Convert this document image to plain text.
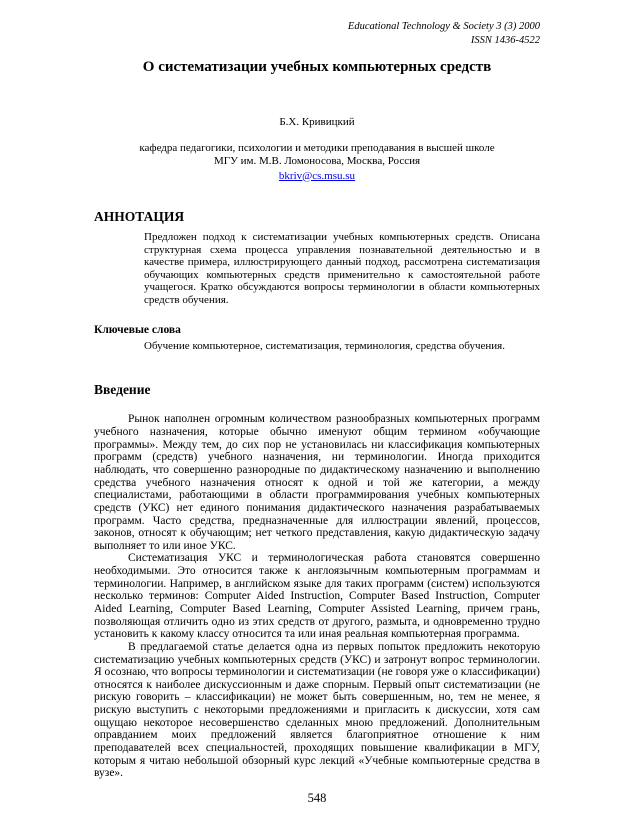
Educational Technology & Society 3 (3) 2000
ISSN 1436-4522
О систематизации учебных компьютерных средств
Б.Х. Кривицкий
кафедра педагогики, психологии и методики преподавания в высшей школе
МГУ им. М.В. Ломоносова, Москва, Россия
bkriv@cs.msu.su
АННОТАЦИЯ

Предложен подход к систематизации учебных компьютерных средств. Описана структурная схема процесса управления познавательной деятельностью и в качестве примера, иллюстрирующего данный подход, рассмотрена систематизация обучающих компьютерных средств применительно к самостоятельной работе учащегося. Кратко обсуждаются вопросы терминологии в области компьютерных средств обучения.

Ключевые слова

Обучение компьютерное, систематизация, терминология, средства обучения.

Введение

Рынок наполнен огромным количеством разнообразных компьютерных программ учебного назначения, которые обычно именуют общим термином «обучающие программы». Между тем, до сих пор не установилась ни классификация компьютерных программ (средств) учебного назначения, ни терминологии. Иногда приходится наблюдать, что совершенно разнородные по дидактическому назначению и выполнению средства учебного назначения относят к одной и той же категории, а между специалистами, работающими в области программирования учебных компьютерных средств (УКС) нет единого понимания дидактического назначения разрабатываемых программ. Часто средства, предназначенные для иллюстрации явлений, процессов, законов, относят к обучающим; нет четкого представления, какую дидактическую задачу выполняет то или иное УКС.

Систематизация УКС и терминологическая работа становятся совершенно необходимыми. Это относится также к англоязычным компьютерным программам и терминологии. Например, в английском языке для таких программ (систем) используются несколько терминов: Computer Aided Instruction, Computer Based Instruction, Computer Aided Learning, Computer Based Learning, Computer Assisted Learning, причем грань, позволяющая отличить одно из этих средств от другого, размыта, и одновременно трудно установить к какому классу относится та или иная реальная компьютерная программа.

В предлагаемой статье делается одна из первых попыток предложить некоторую систематизацию учебных компьютерных средств (УКС) и затронут вопрос терминологии. Я осознаю, что вопросы терминологии и систематизации (не говоря уже о классификации) относятся к наиболее дискуссионным и даже спорным. Первый опыт систематизации (не рискую говорить – классификации) не может быть совершенным, но, тем не менее, я рискую выступить с некоторыми предложениями и пригласить к дискуссии, хотя сам ощущаю некоторое несовершенство сделанных мною предложений. Дополнительным оправданием моих предложений является благоприятное отношение к ним преподавателей всех специальностей, проходящих повышение квалификации в МГУ, которым я читаю небольшой обзорный курс лекций «Учебные компьютерные средства в вузе».

548
